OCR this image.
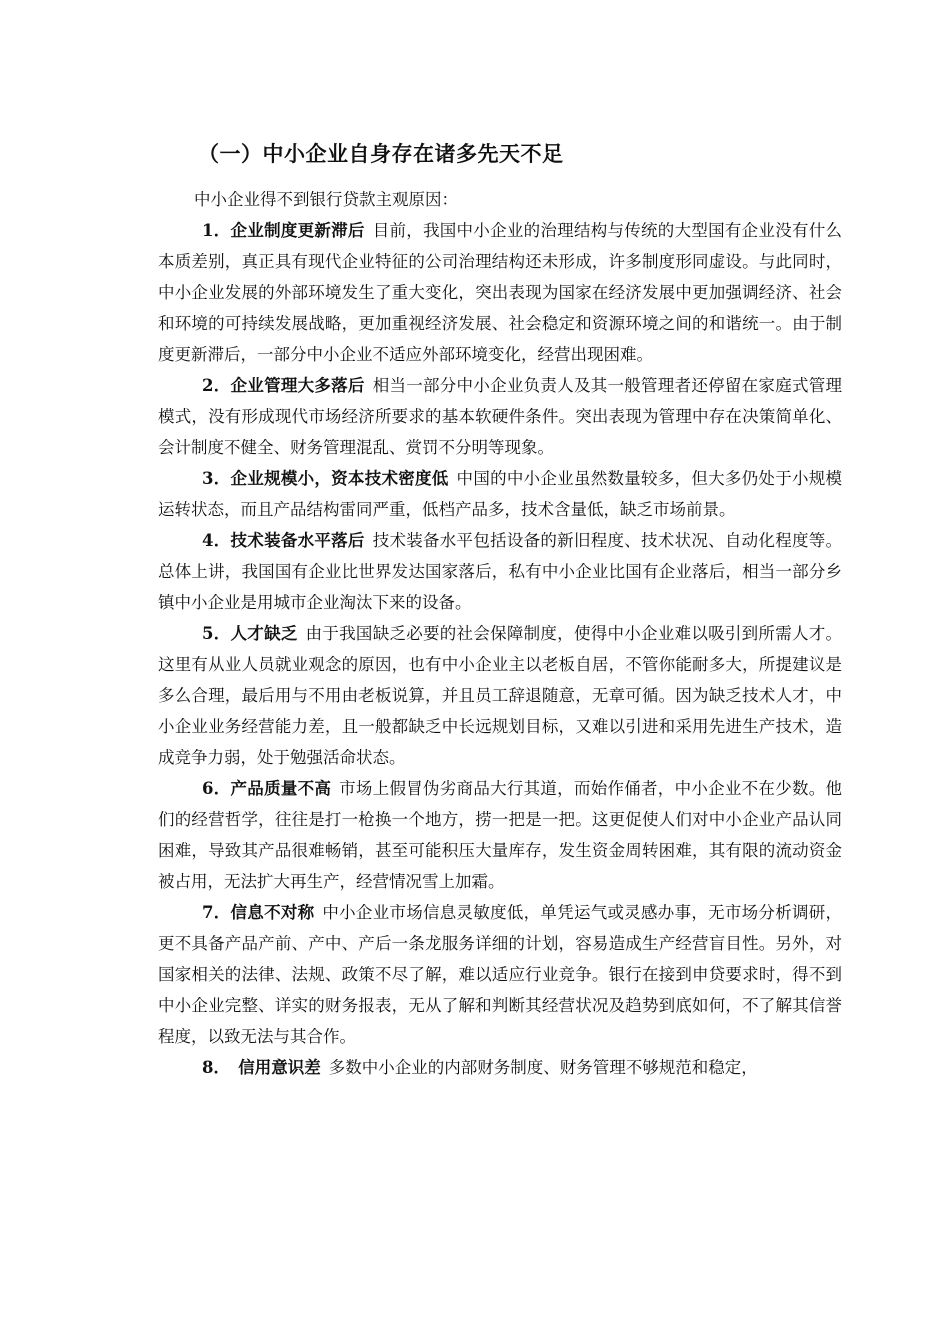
（一）中小企业自身存在诸多先天不足

中小企业得不到银行贷款主观原因：

1．企业制度更新滞后 目前，我国中小企业的治理结构与传统的大型国有企业没有什么本质差别，真正具有现代企业特征的公司治理结构还未形成，许多制度形同虚设。与此同时，中小企业发展的外部环境发生了重大变化，突出表现为国家在经济发展中更加强调经济、社会和环境的可持续发展战略，更加重视经济发展、社会稳定和资源环境之间的和谐统一。由于制度更新滞后，一部分中小企业不适应外部环境变化，经营出现困难。

2．企业管理大多落后 相当一部分中小企业负责人及其一般管理者还停留在家庭式管理模式，没有形成现代市场经济所要求的基本软硬件条件。突出表现为管理中存在决策简单化、会计制度不健全、财务管理混乱、赏罚不分明等现象。

3．企业规模小，资本技术密度低 中国的中小企业虽然数量较多，但大多仍处于小规模运转状态，而且产品结构雷同严重，低档产品多，技术含量低，缺乏市场前景。

4．技术装备水平落后 技术装备水平包括设备的新旧程度、技术状况、自动化程度等。总体上讲，我国国有企业比世界发达国家落后，私有中小企业比国有企业落后，相当一部分乡镇中小企业是用城市企业淘汰下来的设备。

5．人才缺乏 由于我国缺乏必要的社会保障制度，使得中小企业难以吸引到所需人才。这里有从业人员就业观念的原因，也有中小企业主以老板自居，不管你能耐多大，所提建议是多么合理，最后用与不用由老板说算，并且员工辞退随意，无章可循。因为缺乏技术人才，中小企业业务经营能力差，且一般都缺乏中长远规划目标，又难以引进和采用先进生产技术，造成竞争力弱，处于勉强活命状态。

6．产品质量不高 市场上假冒伪劣商品大行其道，而始作俑者，中小企业不在少数。他们的经营哲学，往往是打一枪换一个地方，捞一把是一把。这更促使人们对中小企业产品认同困难，导致其产品很难畅销，甚至可能积压大量库存，发生资金周转困难，其有限的流动资金被占用，无法扩大再生产，经营情况雪上加霜。

7．信息不对称 中小企业市场信息灵敏度低，单凭运气或灵感办事，无市场分析调研，更不具备产品产前、产中、产后一条龙服务详细的计划，容易造成生产经营盲目性。另外，对国家相关的法律、法规、政策不尽了解，难以适应行业竞争。银行在接到申贷要求时，得不到中小企业完整、详实的财务报表，无从了解和判断其经营状况及趋势到底如何，不了解其信誉程度，以致无法与其合作。

8．　信用意识差 多数中小企业的内部财务制度、财务管理不够规范和稳定，
